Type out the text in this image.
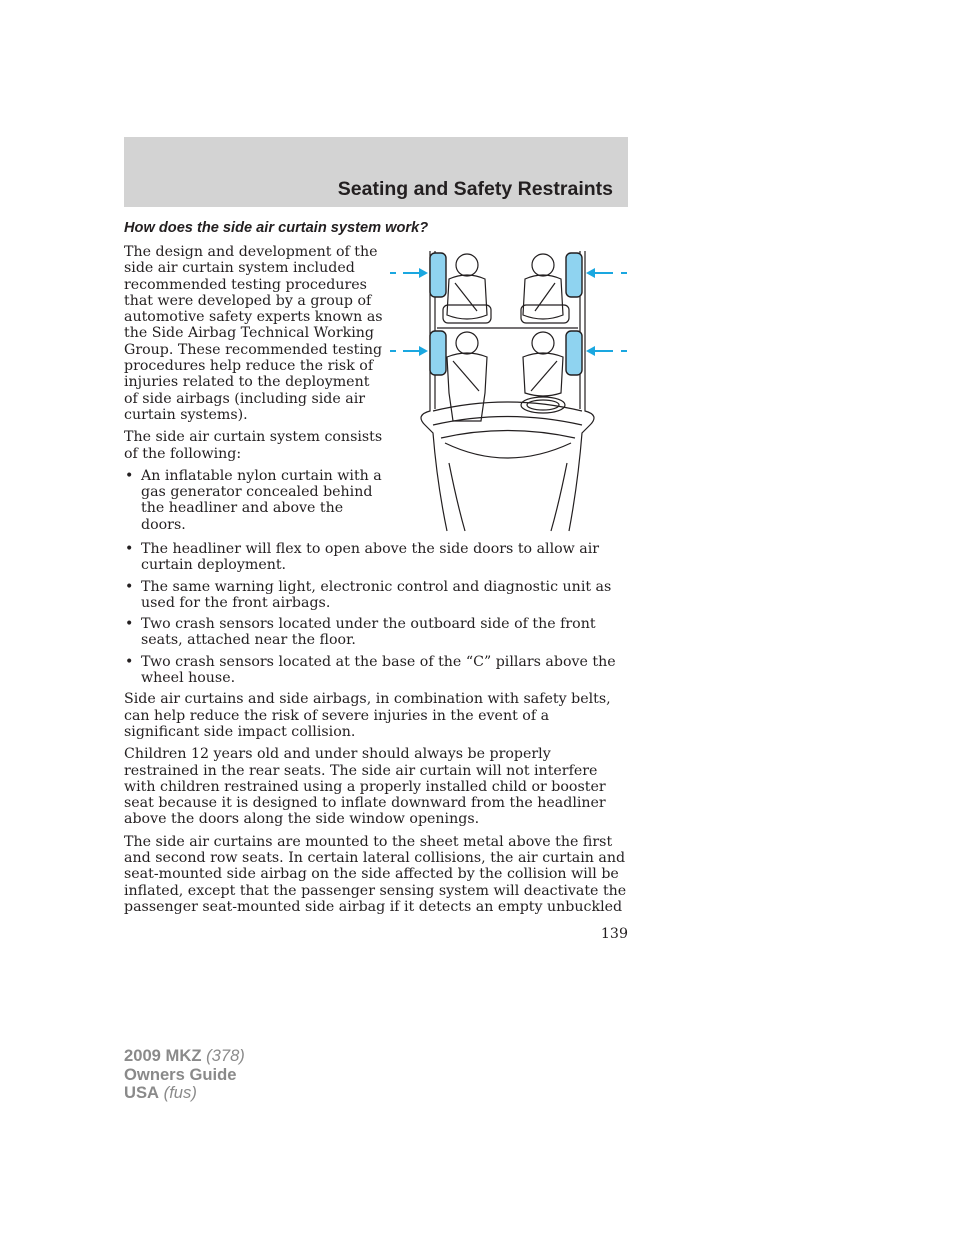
Seating and Safety Restraints
How does the side air curtain system work?

The design and development of the side air curtain system included recommended testing procedures that were developed by a group of automotive safety experts known as the Side Airbag Technical Working Group. These recommended testing procedures help reduce the risk of injuries related to the deployment of side airbags (including side air curtain systems).

The side air curtain system consists of the following:

• An inflatable nylon curtain with a gas generator concealed behind the headliner and above the doors.
• The headliner will flex to open above the side doors to allow air curtain deployment.
• The same warning light, electronic control and diagnostic unit as used for the front airbags.
• Two crash sensors located under the outboard side of the front seats, attached near the floor.
• Two crash sensors located at the base of the “C” pillars above the wheel house.

Side air curtains and side airbags, in combination with safety belts, can help reduce the risk of severe injuries in the event of a significant side impact collision.

Children 12 years old and under should always be properly restrained in the rear seats. The side air curtain will not interfere with children restrained using a properly installed child or booster seat because it is designed to inflate downward from the headliner above the doors along the side window openings.

The side air curtains are mounted to the sheet metal above the first and second row seats. In certain lateral collisions, the air curtain and seat-mounted side airbag on the side affected by the collision will be inflated, except that the passenger sensing system will deactivate the passenger seat-mounted side airbag if it detects an empty unbuckled

139
2009 MKZ (378)
Owners Guide
USA (fus)
